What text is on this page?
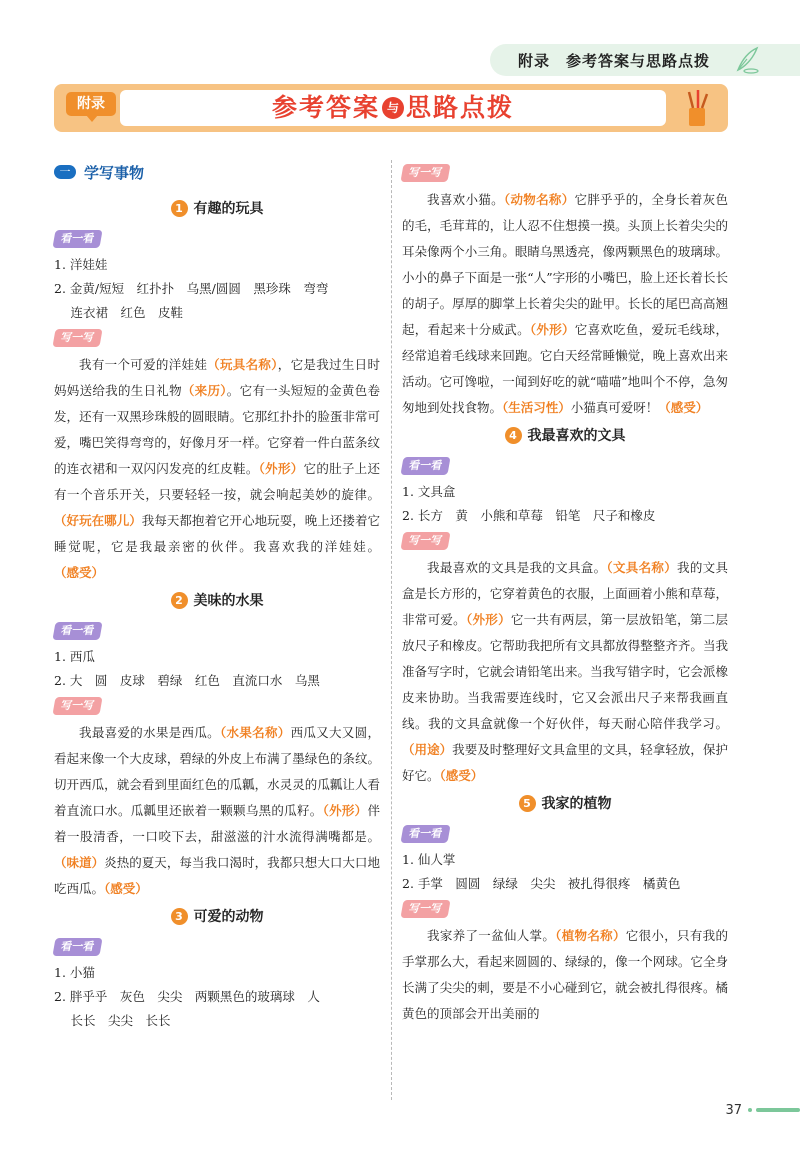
附录　参考答案与思路点拨
附录	参考答案 与 思路点拨
一 学写事物
1 有趣的玩具
看一看
1. 洋娃娃
2. 金黄/短短　红扑扑　乌黑/圆圆　黑珍珠　弯弯
　 连衣裙　红色　皮鞋
写一写

我有一个可爱的洋娃娃（玩具名称），它是我过生日时妈妈送给我的生日礼物（来历）。它有一头短短的金黄色卷发，还有一双黑珍珠般的圆眼睛。它那红扑扑的脸蛋非常可爱，嘴巴笑得弯弯的，好像月牙一样。它穿着一件白蓝条纹的连衣裙和一双闪闪发亮的红皮鞋。（外形）它的肚子上还有一个音乐开关，只要轻轻一按，就会响起美妙的旋律。（好玩在哪儿）我每天都抱着它开心地玩耍，晚上还搂着它睡觉呢，它是我最亲密的伙伴。我喜欢我的洋娃娃。（感受）

2 美味的水果
看一看
1. 西瓜
2. 大　圆　皮球　碧绿　红色　直流口水　乌黑
写一写

我最喜爱的水果是西瓜。（水果名称）西瓜又大又圆，看起来像一个大皮球，碧绿的外皮上布满了墨绿色的条纹。切开西瓜，就会看到里面红色的瓜瓤，水灵灵的瓜瓤让人看着直流口水。瓜瓤里还嵌着一颗颗乌黑的瓜籽。（外形）伴着一股清香，一口咬下去，甜滋滋的汁水流得满嘴都是。（味道）炎热的夏天，每当我口渴时，我都只想大口大口地吃西瓜。（感受）

3 可爱的动物
看一看
1. 小猫
2. 胖乎乎　灰色　尖尖　两颗黑色的玻璃球　人
　 长长　尖尖　长长
写一写

我喜欢小猫。（动物名称）它胖乎乎的，全身长着灰色的毛，毛茸茸的，让人忍不住想摸一摸。头顶上长着尖尖的耳朵像两个小三角。眼睛乌黑透亮，像两颗黑色的玻璃球。小小的鼻子下面是一张“人”字形的小嘴巴，脸上还长着长长的胡子。厚厚的脚掌上长着尖尖的趾甲。长长的尾巴高高翘起，看起来十分威武。（外形）它喜欢吃鱼，爱玩毛线球，经常追着毛线球来回跑。它白天经常睡懒觉，晚上喜欢出来活动。它可馋啦，一闻到好吃的就“喵喵”地叫个不停，急匆匆地到处找食物。（生活习性）小猫真可爱呀！（感受）

4 我最喜欢的文具
看一看
1. 文具盒
2. 长方　黄　小熊和草莓　铅笔　尺子和橡皮
写一写

我最喜欢的文具是我的文具盒。（文具名称）我的文具盒是长方形的，它穿着黄色的衣服，上面画着小熊和草莓，非常可爱。（外形）它一共有两层，第一层放铅笔，第二层放尺子和橡皮。它帮助我把所有文具都放得整整齐齐。当我准备写字时，它就会请铅笔出来。当我写错字时，它会派橡皮来协助。当我需要连线时，它又会派出尺子来帮我画直线。我的文具盒就像一个好伙伴，每天耐心陪伴我学习。（用途）我要及时整理好文具盒里的文具，轻拿轻放，保护好它。（感受）

5 我家的植物
看一看
1. 仙人掌
2. 手掌　圆圆　绿绿　尖尖　被扎得很疼　橘黄色
写一写

我家养了一盆仙人掌。（植物名称）它很小，只有我的手掌那么大，看起来圆圆的、绿绿的，像一个网球。它全身长满了尖尖的刺，要是不小心碰到它，就会被扎得很疼。橘黄色的顶部会开出美丽的

37
